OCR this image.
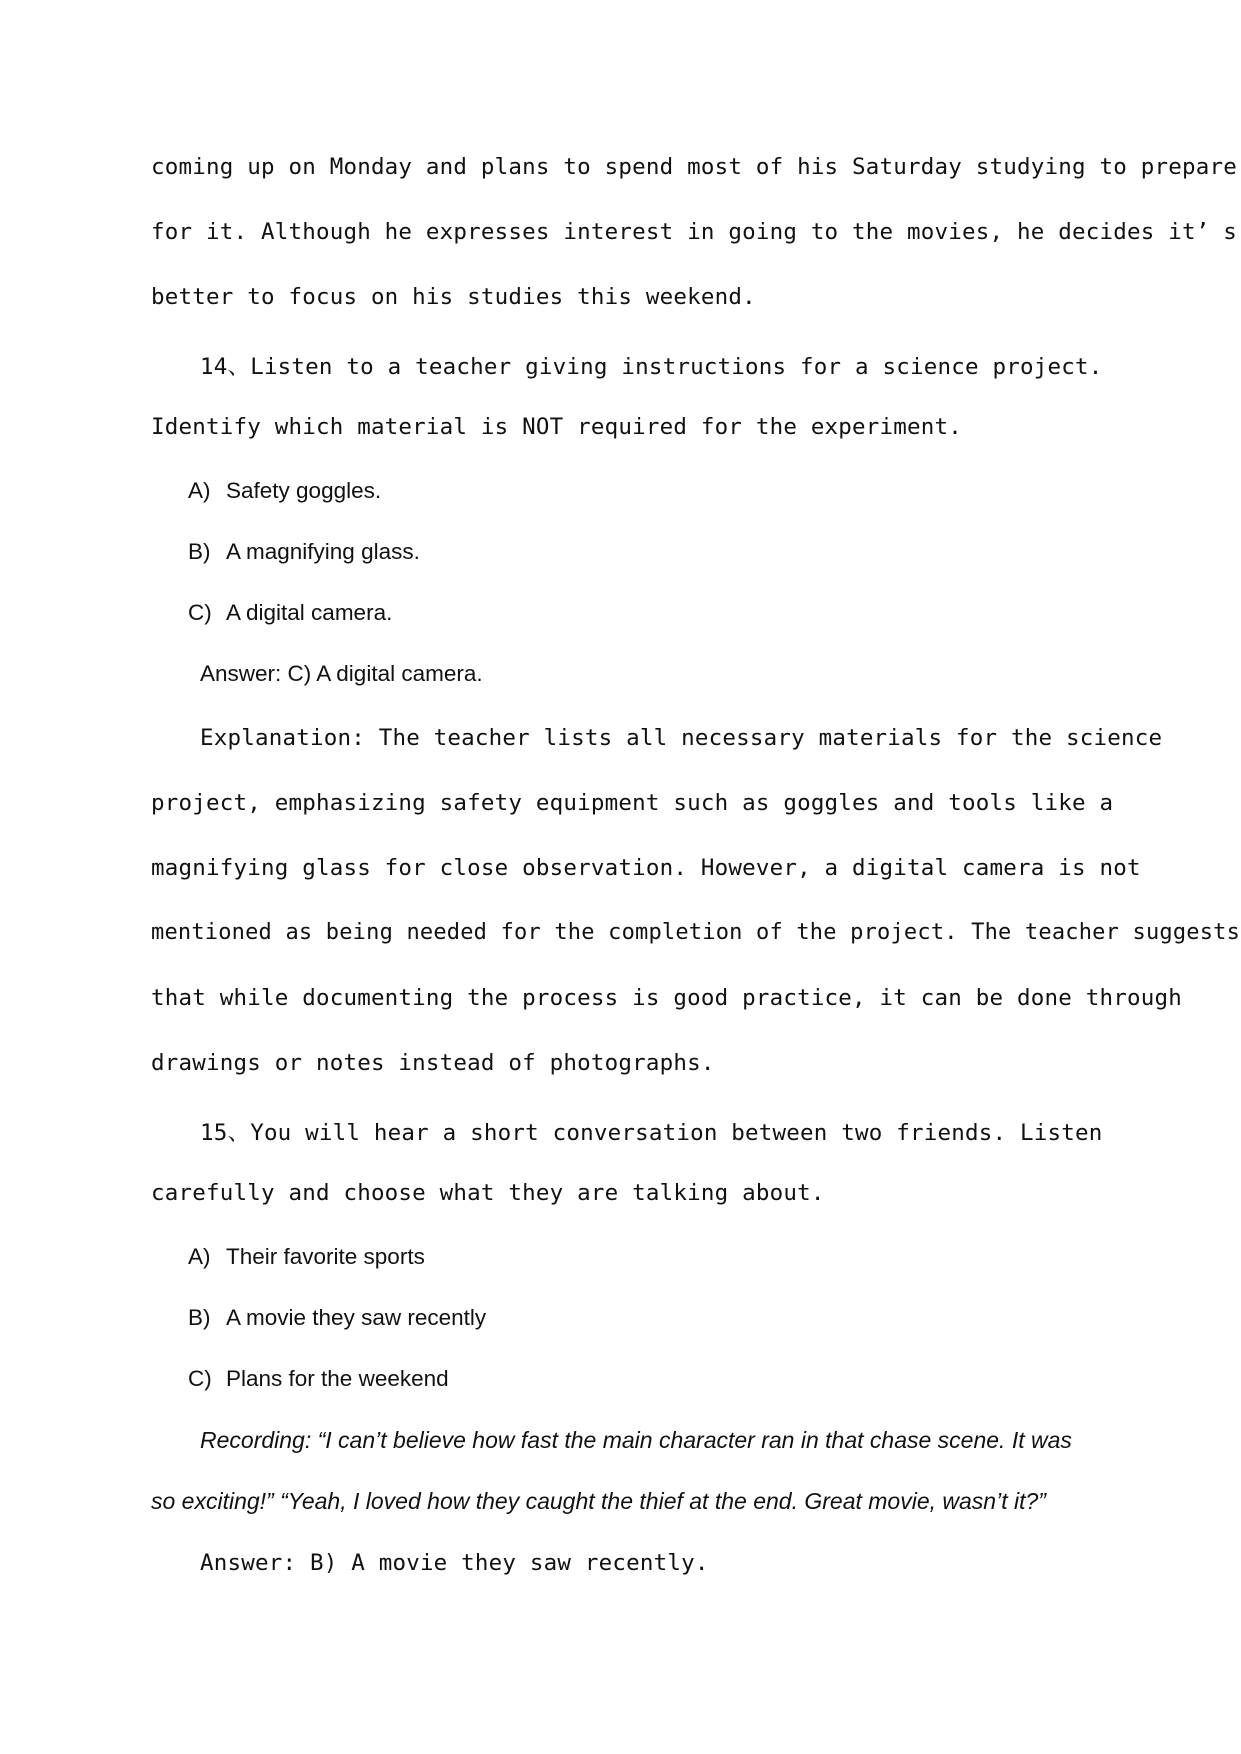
coming up on Monday and plans to spend most of his Saturday studying to prepare
for it. Although he expresses interest in going to the movies, he decides it’ s
better to focus on his studies this weekend.
14、Listen to a teacher giving instructions for a science project.
Identify which material is NOT required for the experiment.
A) Safety goggles.
B) A magnifying glass.
C) A digital camera.
Answer: C) A digital camera.
Explanation: The teacher lists all necessary materials for the science
project, emphasizing safety equipment such as goggles and tools like a
magnifying glass for close observation. However, a digital camera is not
mentioned as being needed for the completion of the project. The teacher suggests
that while documenting the process is good practice, it can be done through
drawings or notes instead of photographs.
15、You will hear a short conversation between two friends. Listen
carefully and choose what they are talking about.
A) Their favorite sports
B) A movie they saw recently
C) Plans for the weekend
Recording: “I can’t believe how fast the main character ran in that chase scene. It was
so exciting!” “Yeah, I loved how they caught the thief at the end. Great movie, wasn’t it?”
Answer: B) A movie they saw recently.
